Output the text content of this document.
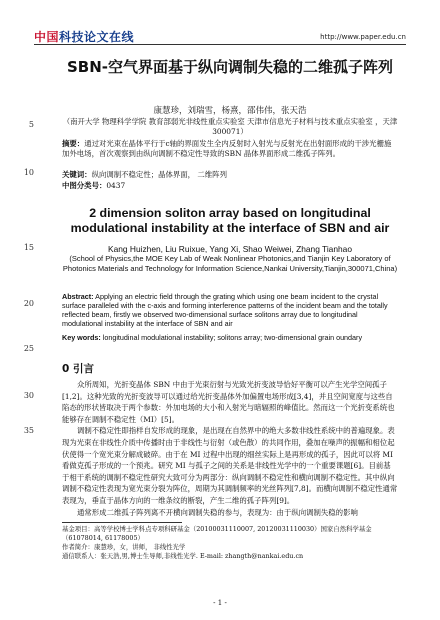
中国科技论文在线	http://www.paper.edu.cn
5
10
15
20
25
30
35
SBN-空气界面基于纵向调制失稳的二维孤子阵列
康慧珍，刘瑞雪，杨熹，邵伟伟，张天浩
（南开大学 物理科学学院 教育部弱光非线性重点实验室 天津市信息光子材料与技术重点实验室 ，天津 300071）
摘要：通过对光束在晶体平行于c轴的界面发生全内反射时入射光与反射光在出射面形成的干涉光栅施加外电场，首次观察到由纵向调制不稳定性导致的SBN 晶体界面形成二维孤子阵列。
关键词：纵向调制不稳定性；晶体界面， 二维阵列
中图分类号：0437
2 dimension soliton array based on longitudinal modulational instability at the interface of SBN and air
Kang Huizhen, Liu Ruixue, Yang Xi, Shao Weiwei, Zhang Tianhao
(School of Physics,the MOE Key Lab of Weak Nonlinear Photonics,and Tianjin Key Laboratory of Photonics Materials and Technology for Information Science,Nankai University,Tianjin,300071,China)
Abstract: Applying an electric field through the grating which using one beam incident to the crystal surface paralleled with the c-axis and forming interference patterns of the incident beam and the totally reflected beam, firstly we observed two-dimensional surface solitons array due to longitudinal modulational instability at the interface of SBN and air
Key words: longitudinal modulational instability; solitons array; two-dimensional grain oundary
0 引言

众所周知，光折变晶体 SBN 中由于光束衍射与光致光折变波导恰好平衡可以产生光学空间孤子[1,2]。这种光致的光折变波导可以通过给光折变晶体外加偏置电场形成[3,4]，并且空间宽度与这些自陷态的形状皆取决于两个参数：外加电场的大小和入射光与暗辐照的峰值比。然而这一个光折变系统也能够存在调制不稳定性（MI）[5]。

调制不稳定性即指样自发形成的现象，是出现在自然界中的绝大多数非线性系统中的普遍现象。表现为光束在非线性介质中传播时由于非线性与衍射（或色散）的共同作用，叠加在噪声的振幅和相位起伏使得一个宽光束分解成破碎。由于在 MI 过程中出现的细丝实际上是再形成的孤子，因此可以将 MI 看做克孤子形成的一个预兆。研究 MI 与孤子之间的关系是非线性光学中的一个重要课题[6]。目前基于相干系统的调制不稳定性研究大致可分为两部分：纵向调制不稳定性和横向调制不稳定性。其中纵向调制不稳定性表现为宽光束分裂为阵位，周期为其调制频率的光丝阵列[7,8]。而横向调制不稳定性通常表现为，垂直于晶体方向的一维条纹的断裂，产生二维的孤子阵列[9]。

通常形成二维孤子阵列离不开横向调制失稳的参与，表现为：由于纵向调制失稳的影响

基金项目：高等学校博士学科点专项科研基金（20100031110007, 20120031110030）国家自然科学基金（61078014, 61178005）
作者简介：康慧珍，女，讲师， 非线性光学
通信联系人：张天浩,男,博士生导师,非线性光学. E-mail: zhangth@nankai.edu.cn
- 1 -
